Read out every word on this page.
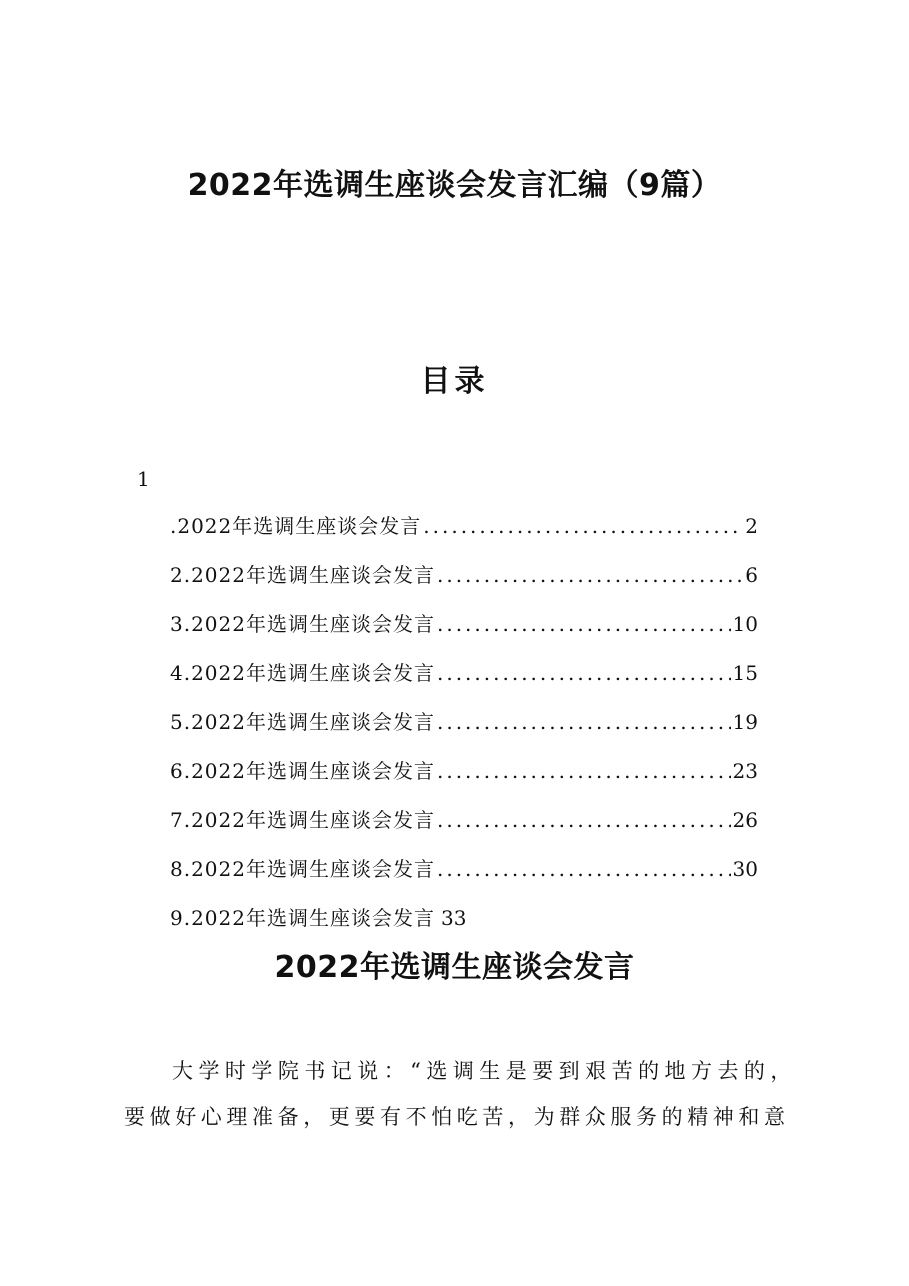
2022年选调生座谈会发言汇编（9篇）
目录
1
.2022年选调生座谈会发言 .....	2
2.2022年选调生座谈会发言 .....	6
3.2022年选调生座谈会发言 .....	10
4.2022年选调生座谈会发言 .....	15
5.2022年选调生座谈会发言 .....	19
6.2022年选调生座谈会发言 .....	23
7.2022年选调生座谈会发言 .....	26
8.2022年选调生座谈会发言 .....	30
9.2022年选调生座谈会发言 33
2022年选调生座谈会发言

大学时学院书记说：“选调生是要到艰苦的地方去的，要做好心理准备，更要有不怕吃苦，为群众服务的精神和意
